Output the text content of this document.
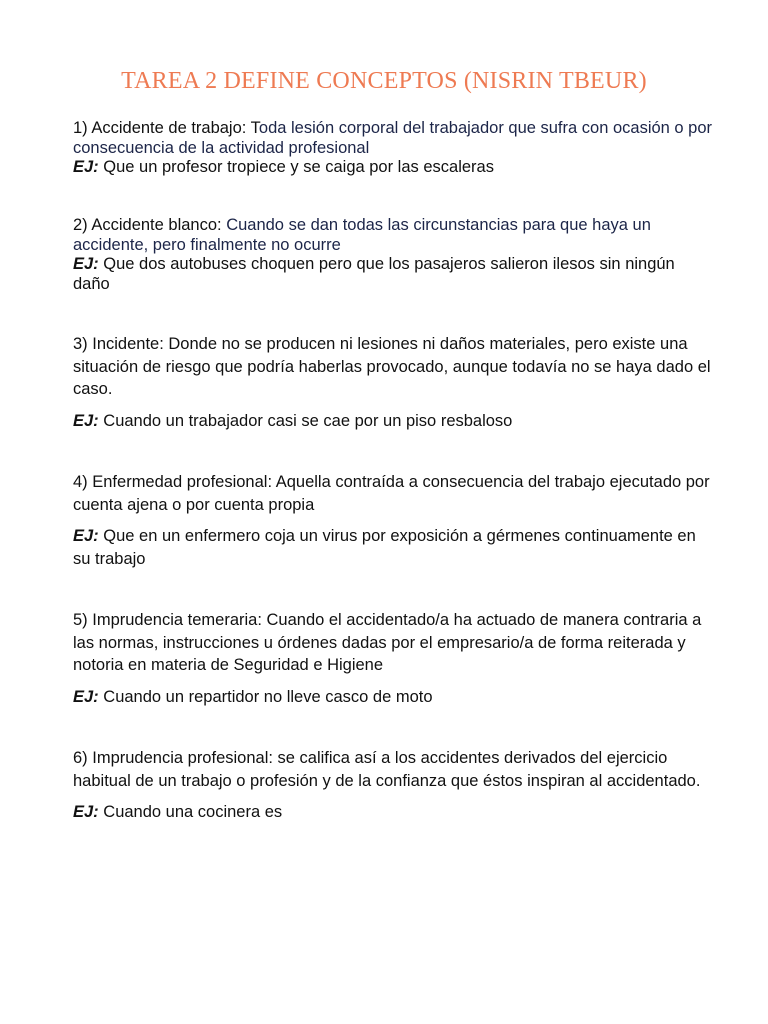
TAREA 2 DEFINE CONCEPTOS (NISRIN TBEUR)

1) Accidente de trabajo: Toda lesión corporal del trabajador que sufra con ocasión o por consecuencia de la actividad profesional

EJ: Que un profesor tropiece y se caiga por las escaleras

2) Accidente blanco: Cuando se dan todas las circunstancias para que haya un accidente, pero finalmente no ocurre

EJ: Que dos autobuses choquen pero que los pasajeros salieron ilesos sin ningún daño

3) Incidente: Donde no se producen ni lesiones ni daños materiales, pero existe una situación de riesgo que podría haberlas provocado, aunque todavía no se haya dado el caso.

EJ: Cuando un trabajador casi se cae por un piso resbaloso

4) Enfermedad profesional: Aquella contraída a consecuencia del trabajo ejecutado por cuenta ajena o por cuenta propia

EJ: Que en un enfermero coja un virus por exposición a gérmenes continuamente en su trabajo

5) Imprudencia temeraria: Cuando el accidentado/a ha actuado de manera contraria a las normas, instrucciones u órdenes dadas por el empresario/a de forma reiterada y notoria en materia de Seguridad e Higiene

EJ: Cuando un repartidor no lleve casco de moto

6) Imprudencia profesional: se califica así a los accidentes derivados del ejercicio habitual de un trabajo o profesión y de la confianza que éstos inspiran al accidentado.

EJ: Cuando una cocinera es
